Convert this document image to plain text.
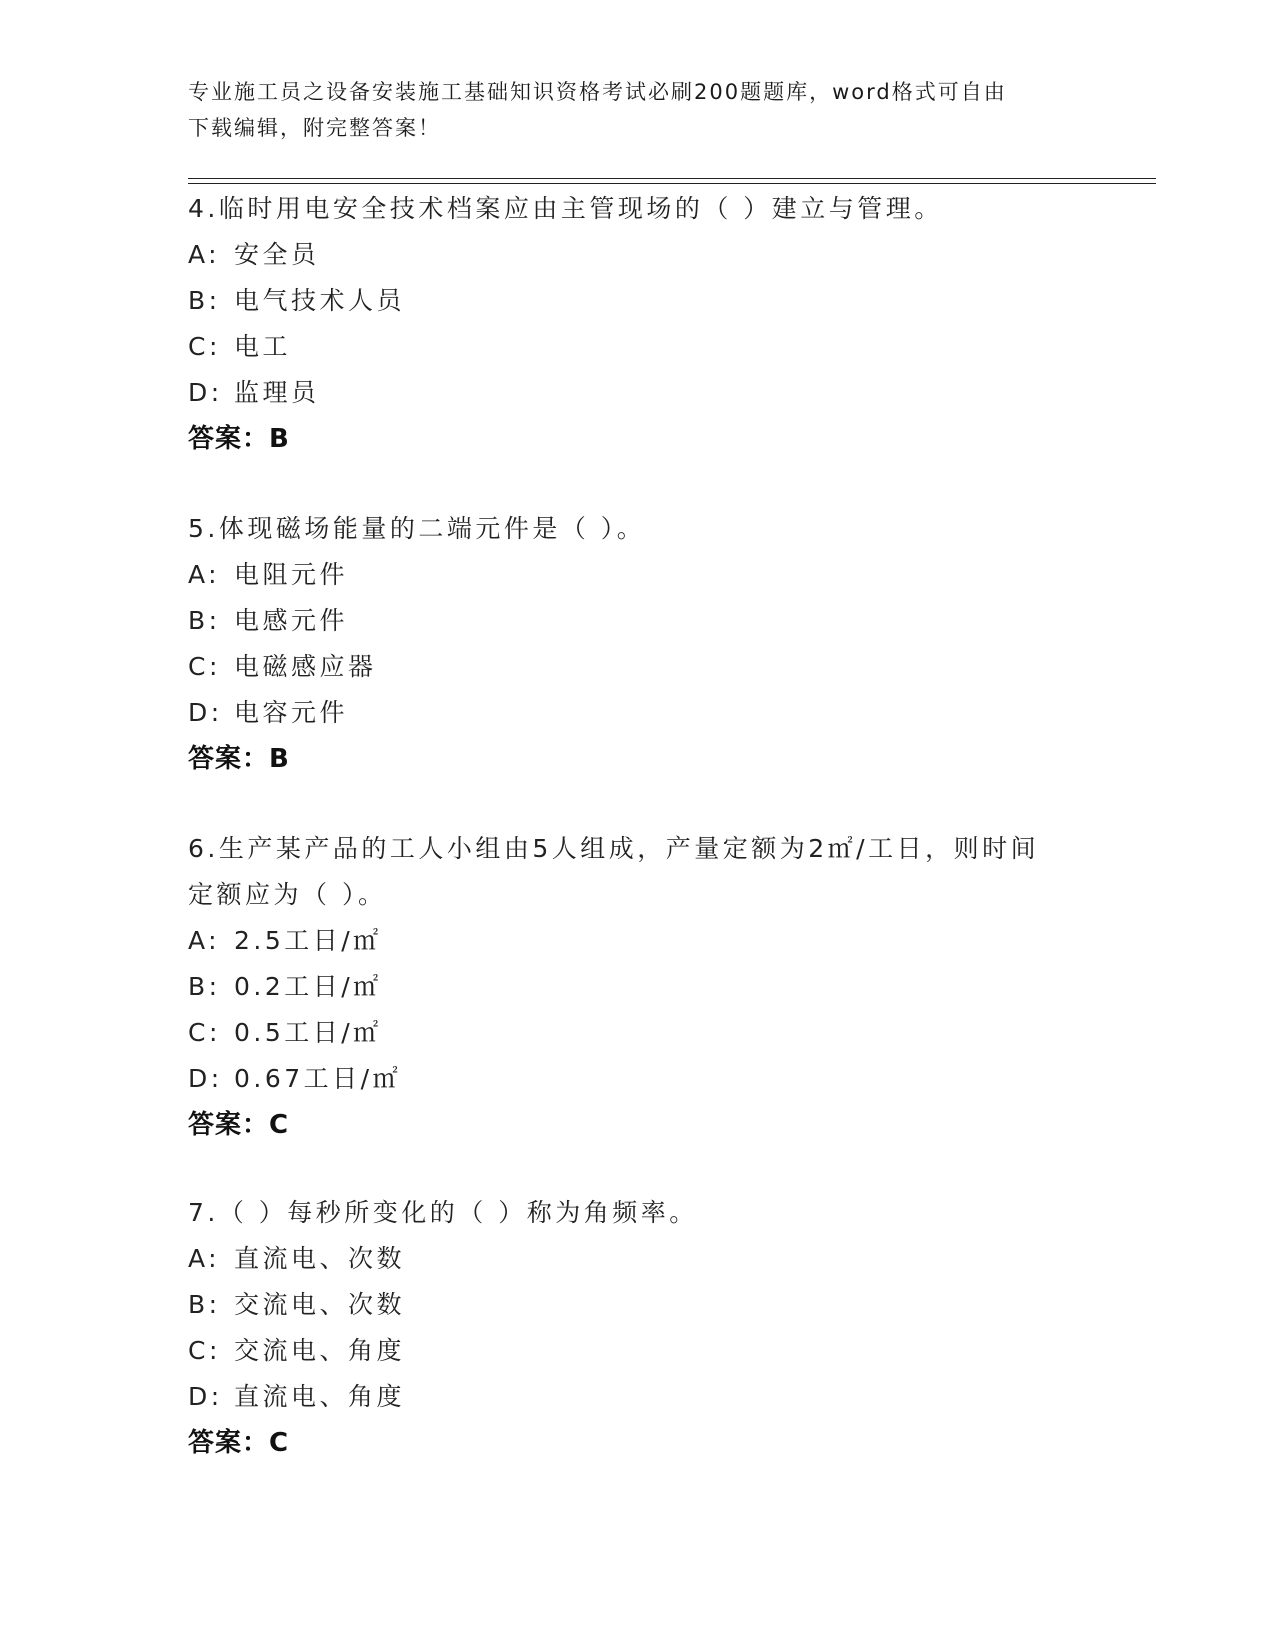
专业施工员之设备安装施工基础知识资格考试必刷200题题库，word格式可自由
下载编辑，附完整答案！
4.临时用电安全技术档案应由主管现场的（ ）建立与管理。
A: 安全员
B: 电气技术人员
C: 电工
D: 监理员
答案：B
5.体现磁场能量的二端元件是（ ）。
A: 电阻元件
B: 电感元件
C: 电磁感应器
D: 电容元件
答案：B
6.生产某产品的工人小组由5人组成，产量定额为2㎡/工日，则时间
定额应为（ ）。
A: 2.5工日/㎡
B: 0.2工日/㎡
C: 0.5工日/㎡
D: 0.67工日/㎡
答案：C
7.（ ）每秒所变化的（ ）称为角频率。
A: 直流电、次数
B: 交流电、次数
C: 交流电、角度
D: 直流电、角度
答案：C
